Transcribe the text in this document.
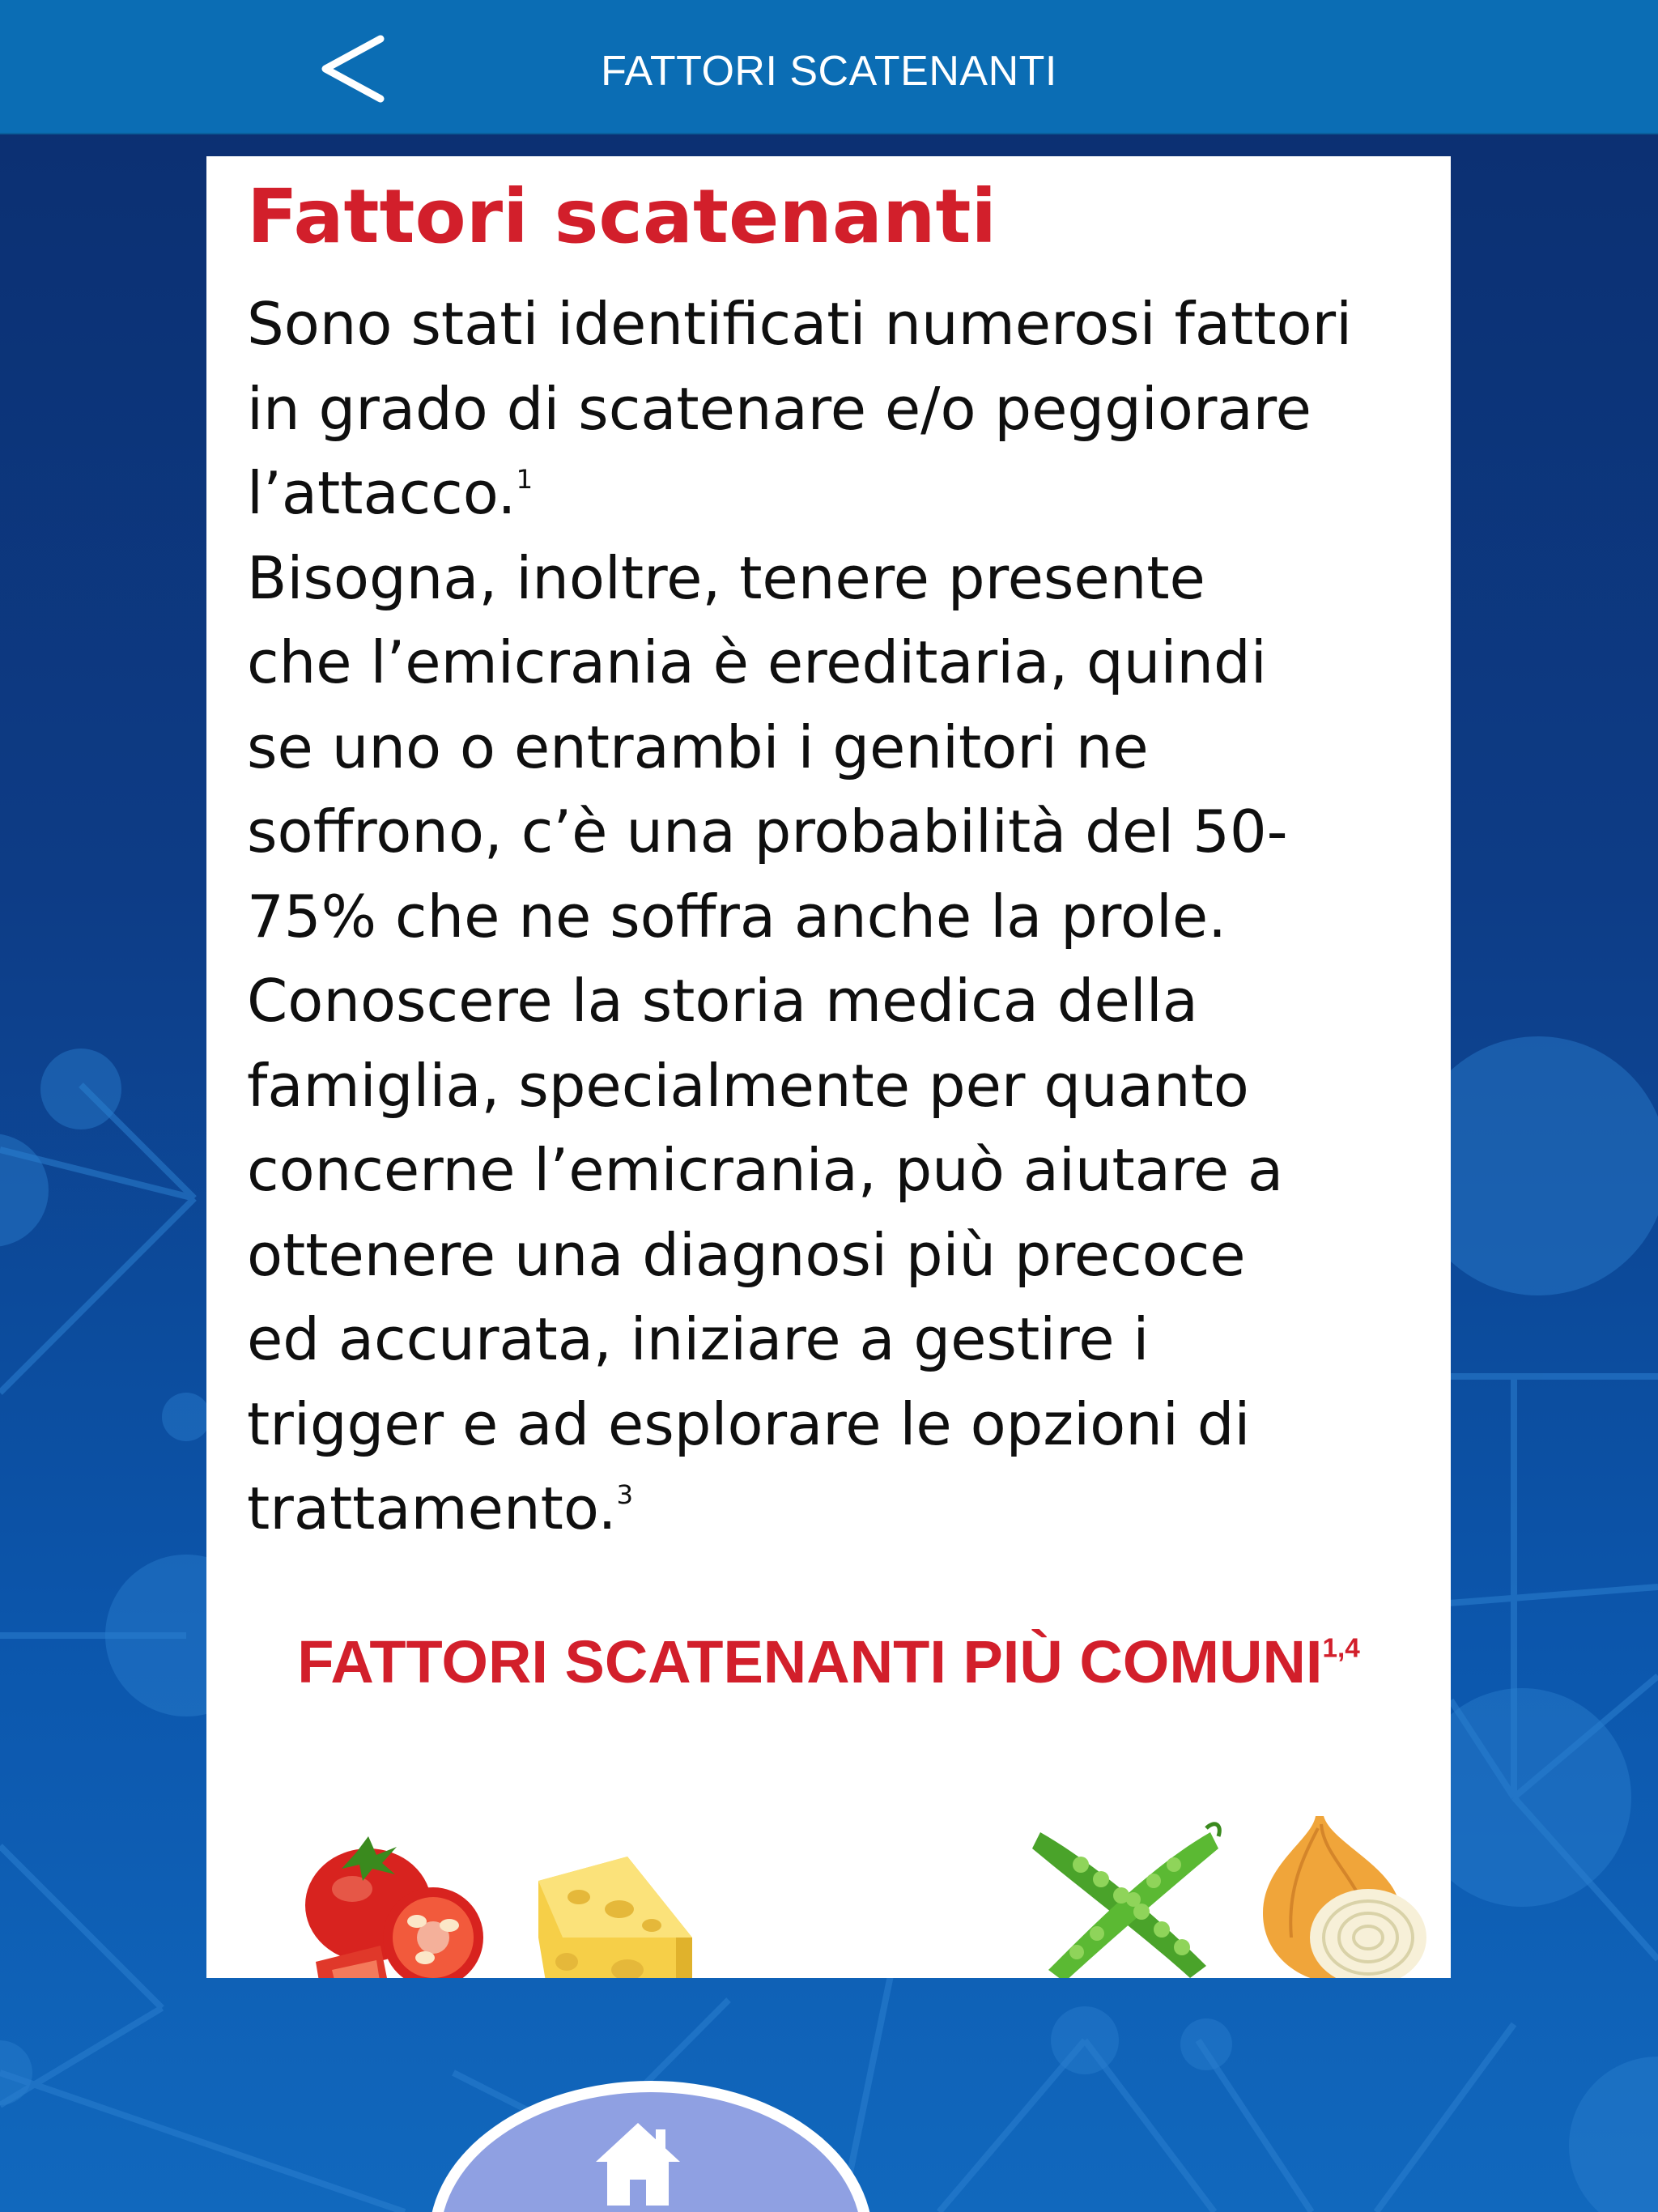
FATTORI SCATENANTI
Fattori scatenanti
Sono stati identificati numerosi fattori
in grado di scatenare e/o peggiorare
l’attacco.$^1$
Bisogna, inoltre, tenere presente
che l’emicrania è ereditaria, quindi
se uno o entrambi i genitori ne
soffrono, c’è una probabilità del 50-
75% che ne soffra anche la prole.
Conoscere la storia medica della
famiglia, specialmente per quanto
concerne l’emicrania, può aiutare a
ottenere una diagnosi più precoce
ed accurata, iniziare a gestire i
trigger e ad esplorare le opzioni di
trattamento.$^3$
FATTORI SCATENANTI PIÙ COMUNI$^{1,4}$
